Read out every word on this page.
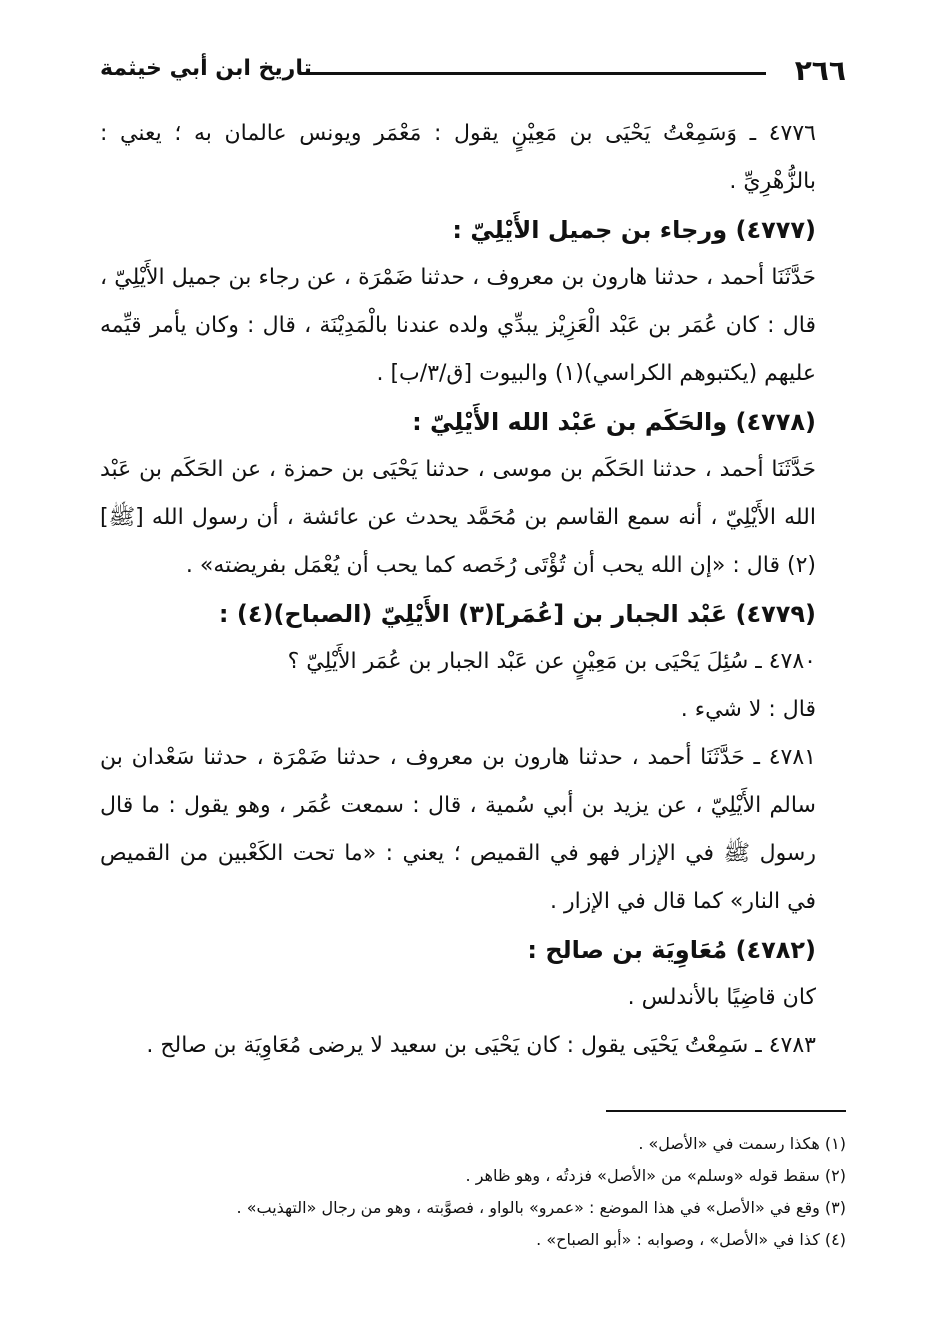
٢٦٦
تاريخ ابن أبي خيثمة

٤٧٧٦ ـ وَسَمِعْتُ يَحْيَى بن مَعِيْنٍ يقول : مَعْمَر ويونس عالمان به ؛ يعني : بالزُّهْرِيِّ .

(٤٧٧٧) ورجاء بن جميل الأَيْلِيّ :

حَدَّثَنَا أحمد ، حدثنا هارون بن معروف ، حدثنا ضَمْرَة ، عن رجاء بن جميل الأَيْلِيّ ، قال : كان عُمَر بن عَبْد الْعَزِيْز يبدِّي ولده عندنا بالْمَدِيْنَة ، قال : وكان يأمر قيِّمه عليهم (يكتبوهم الكراسي)(١) والبيوت [ق/٣/ب] .

(٤٧٧٨) والحَكَم بن عَبْد الله الأَيْلِيّ :

حَدَّثَنَا أحمد ، حدثنا الحَكَم بن موسى ، حدثنا يَحْيَى بن حمزة ، عن الحَكَم بن عَبْد الله الأَيْلِيّ ، أنه سمع القاسم بن مُحَمَّد يحدث عن عائشة ، أن رسول الله [ﷺ](٢) قال : «إن الله يحب أن تُؤْتَى رُخَصه كما يحب أن يُعْمَل بفريضته» .

(٤٧٧٩) عَبْد الجبار بن [عُمَر](٣) الأَيْلِيّ (الصباح)(٤) :

٤٧٨٠ ـ سُئِلَ يَحْيَى بن مَعِيْنٍ عن عَبْد الجبار بن عُمَر الأَيْلِيّ ؟

قال : لا شيء .

٤٧٨١ ـ حَدَّثَنَا أحمد ، حدثنا هارون بن معروف ، حدثنا ضَمْرَة ، حدثنا سَعْدان بن سالم الأَيْلِيّ ، عن يزيد بن أبي سُمية ، قال : سمعت عُمَر ، وهو يقول : ما قال رسول ﷺ في الإزار فهو في القميص ؛ يعني : «ما تحت الكَعْبين من القميص في النار» كما قال في الإزار .

(٤٧٨٢) مُعَاوِيَة بن صالح :

كان قاضِيًا بالأندلس .

٤٧٨٣ ـ سَمِعْتُ يَحْيَى يقول : كان يَحْيَى بن سعيد لا يرضى مُعَاوِيَة بن صالح .

(١) هكذا رسمت في «الأصل» .

(٢) سقط قوله «وسلم» من «الأصل» فزدتُه ، وهو ظاهر .

(٣) وقع في «الأصل» في هذا الموضع : «عمرو» بالواو ، فصوَّبته ، وهو من رجال «التهذيب» .

(٤) كذا في «الأصل» ، وصوابه : «أبو الصباح» .
